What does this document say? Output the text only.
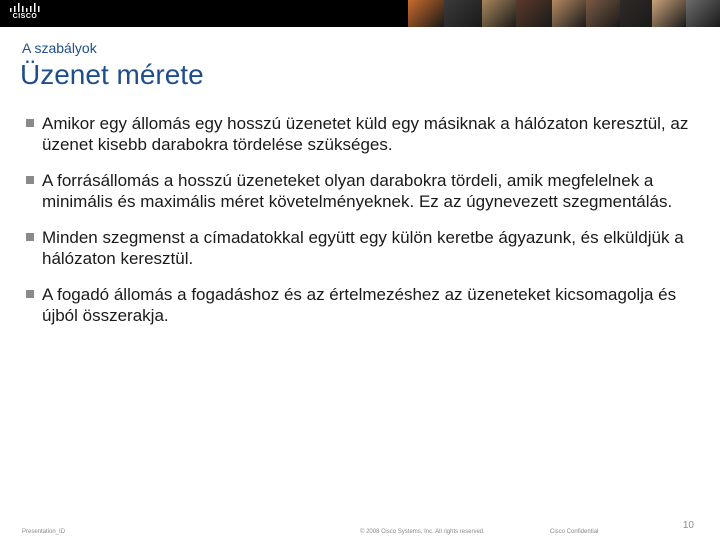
CISCO
A szabályok
Üzenet mérete
Amikor egy állomás egy hosszú üzenetet küld egy másiknak a hálózaton keresztül, az üzenet kisebb darabokra tördelése szükséges.
A forrásállomás a hosszú üzeneteket olyan darabokra tördeli, amik megfelelnek a minimális és maximális méret követelményeknek. Ez az úgynevezett szegmentálás.
Minden szegmenst a címadatokkal együtt egy külön keretbe ágyazunk, és elküldjük a hálózaton keresztül.
A fogadó állomás a fogadáshoz és az értelmezéshez az üzeneteket kicsomagolja és újból összerakja.
Presentation_ID	© 2008 Cisco Systems, Inc. All rights reserved.	Cisco Confidential
10
